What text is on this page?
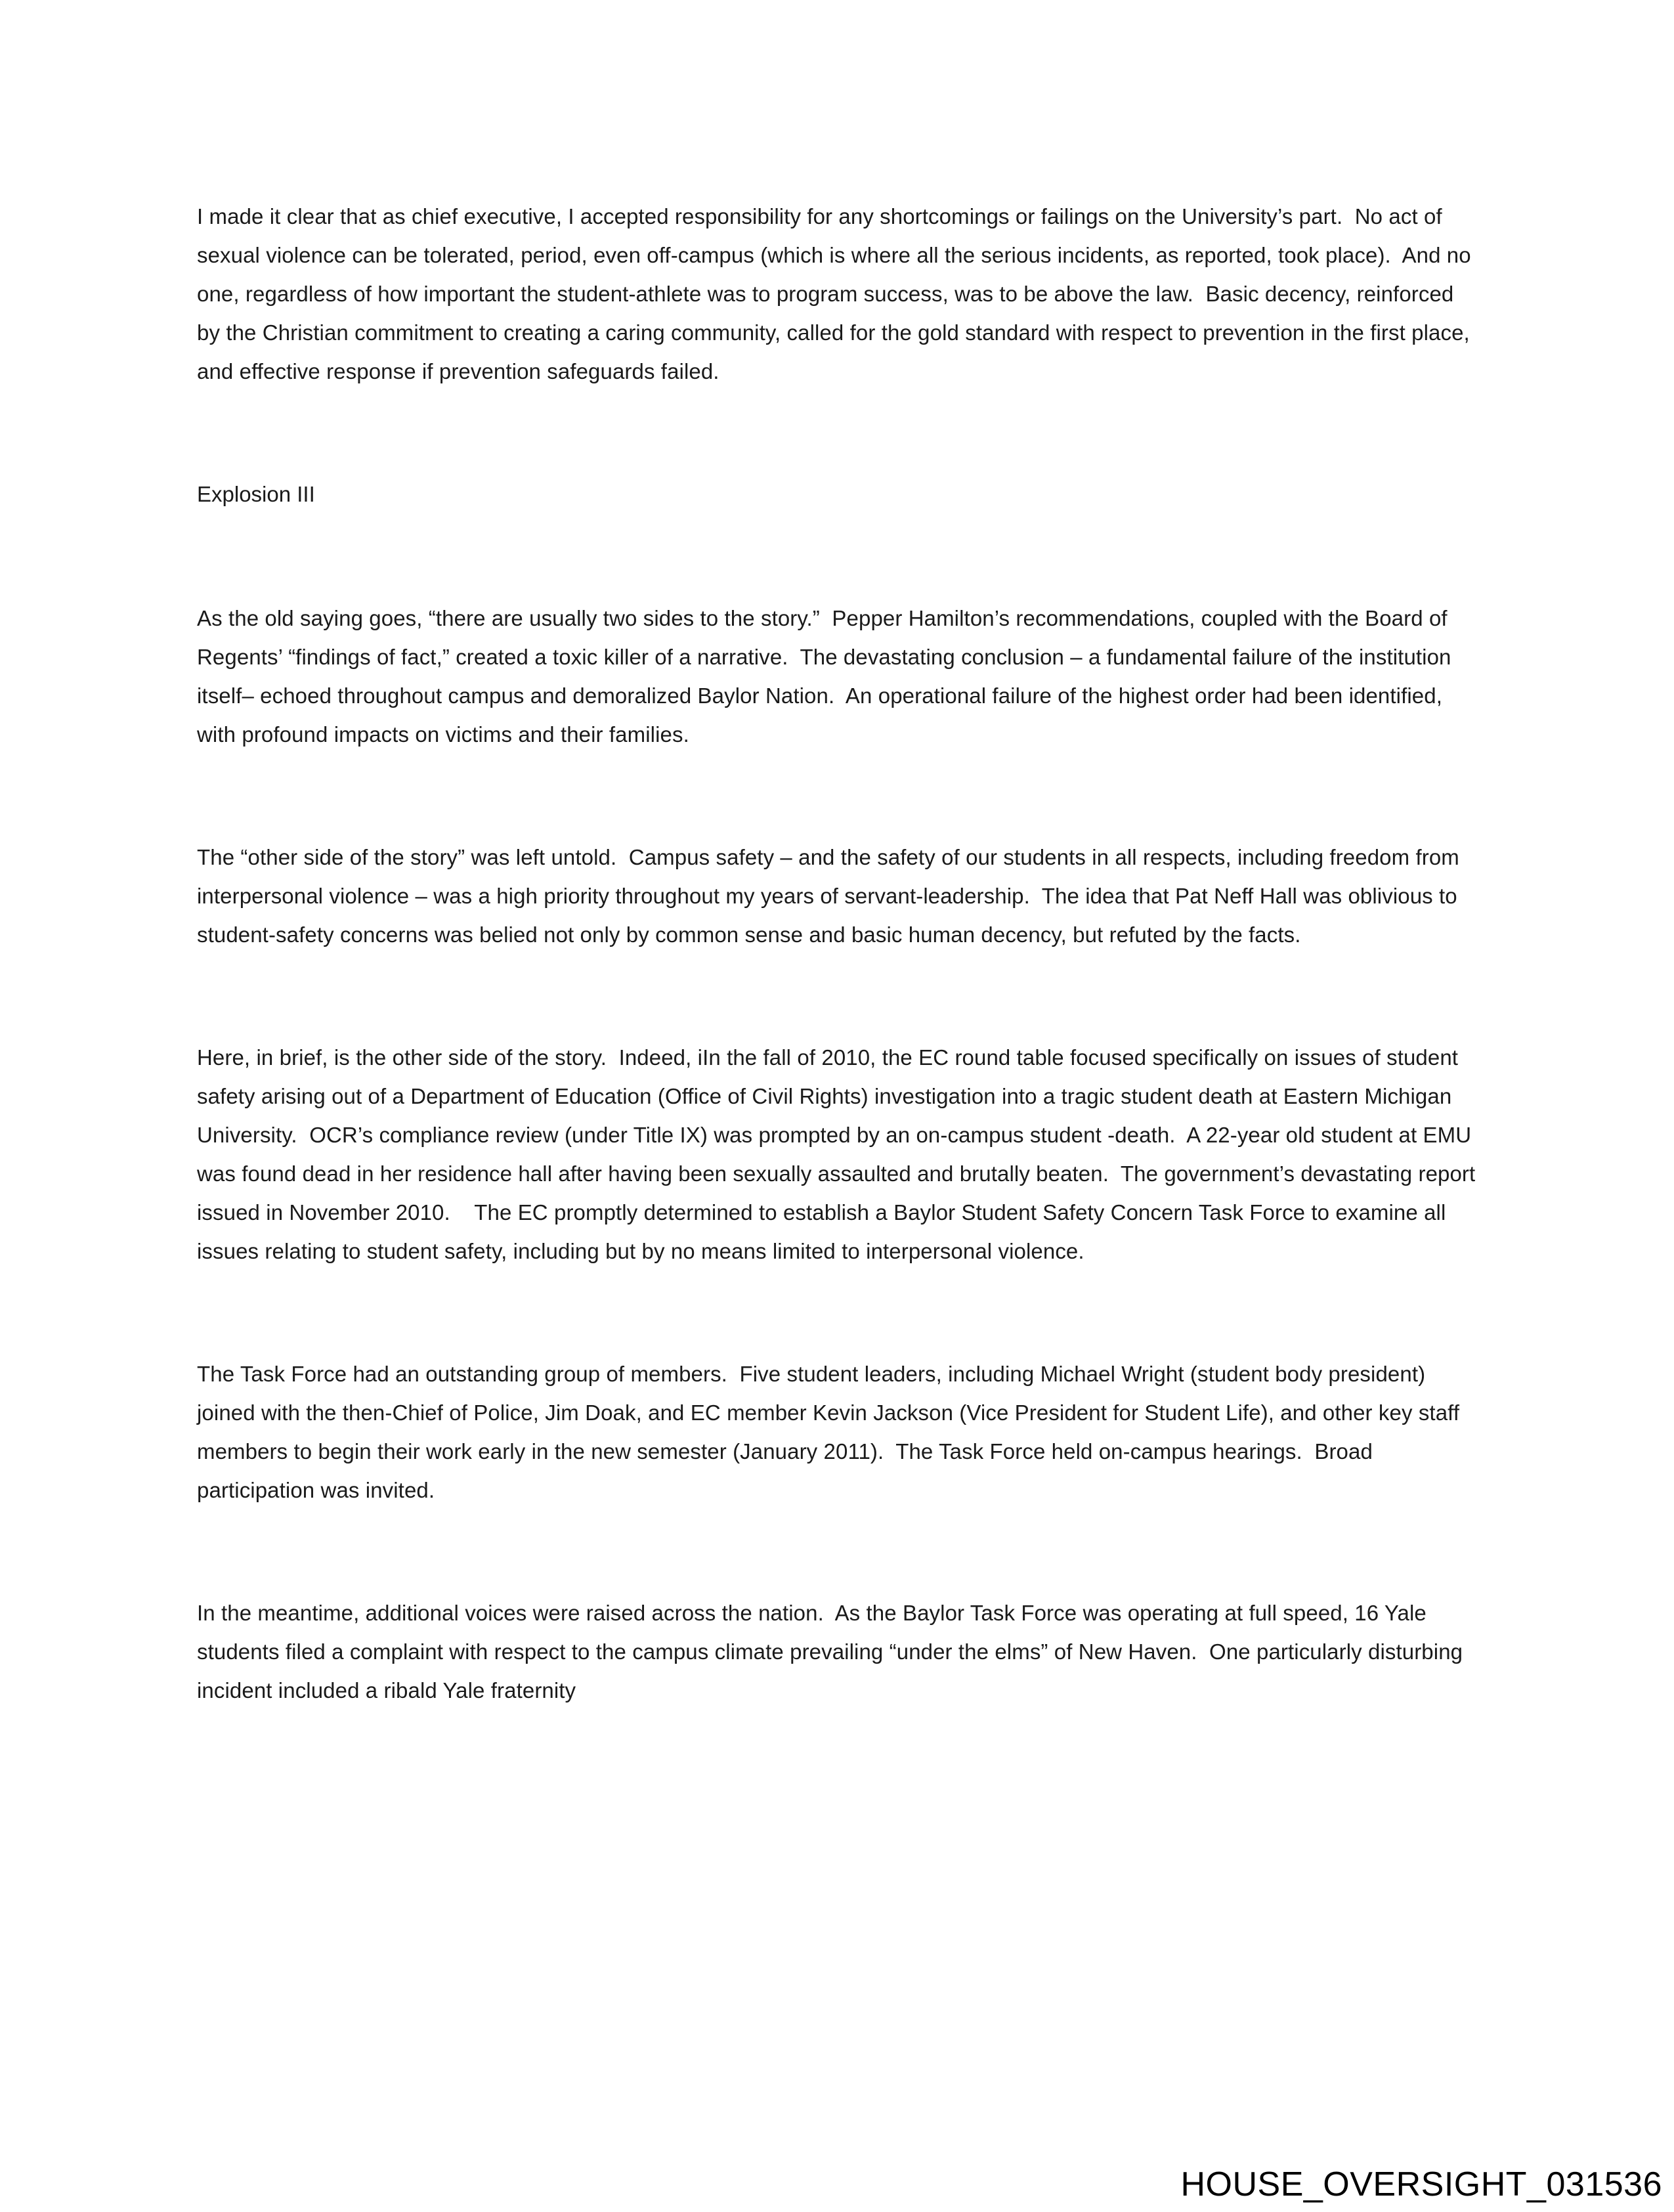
I made it clear that as chief executive, I accepted responsibility for any shortcomings or failings on the University’s part.  No act of sexual violence can be tolerated, period, even off-campus (which is where all the serious incidents, as reported, took place).  And no one, regardless of how important the student-athlete was to program success, was to be above the law.  Basic decency, reinforced by the Christian commitment to creating a caring community, called for the gold standard with respect to prevention in the first place, and effective response if prevention safeguards failed.

Explosion III

As the old saying goes, “there are usually two sides to the story.”  Pepper Hamilton’s recommendations, coupled with the Board of Regents’ “findings of fact,” created a toxic killer of a narrative.  The devastating conclusion – a fundamental failure of the institution itself– echoed throughout campus and demoralized Baylor Nation.  An operational failure of the highest order had been identified, with profound impacts on victims and their families.

The “other side of the story” was left untold.  Campus safety – and the safety of our students in all respects, including freedom from interpersonal violence – was a high priority throughout my years of servant-leadership.  The idea that Pat Neff Hall was oblivious to student-safety concerns was belied not only by common sense and basic human decency, but refuted by the facts.

Here, in brief, is the other side of the story.  Indeed, iIn the fall of 2010, the EC round table focused specifically on issues of student safety arising out of a Department of Education (Office of Civil Rights) investigation into a tragic student death at Eastern Michigan University.  OCR’s compliance review (under Title IX) was prompted by an on-campus student -death.  A 22-year old student at EMU was found dead in her residence hall after having been sexually assaulted and brutally beaten.  The government’s devastating report issued in November 2010.    The EC promptly determined to establish a Baylor Student Safety Concern Task Force to examine all issues relating to student safety, including but by no means limited to interpersonal violence.

The Task Force had an outstanding group of members.  Five student leaders, including Michael Wright (student body president) joined with the then-Chief of Police, Jim Doak, and EC member Kevin Jackson (Vice President for Student Life), and other key staff members to begin their work early in the new semester (January 2011).  The Task Force held on-campus hearings.  Broad participation was invited.

In the meantime, additional voices were raised across the nation.  As the Baylor Task Force was operating at full speed, 16 Yale students filed a complaint with respect to the campus climate prevailing “under the elms” of New Haven.  One particularly disturbing incident included a ribald Yale fraternity

HOUSE_OVERSIGHT_031536
